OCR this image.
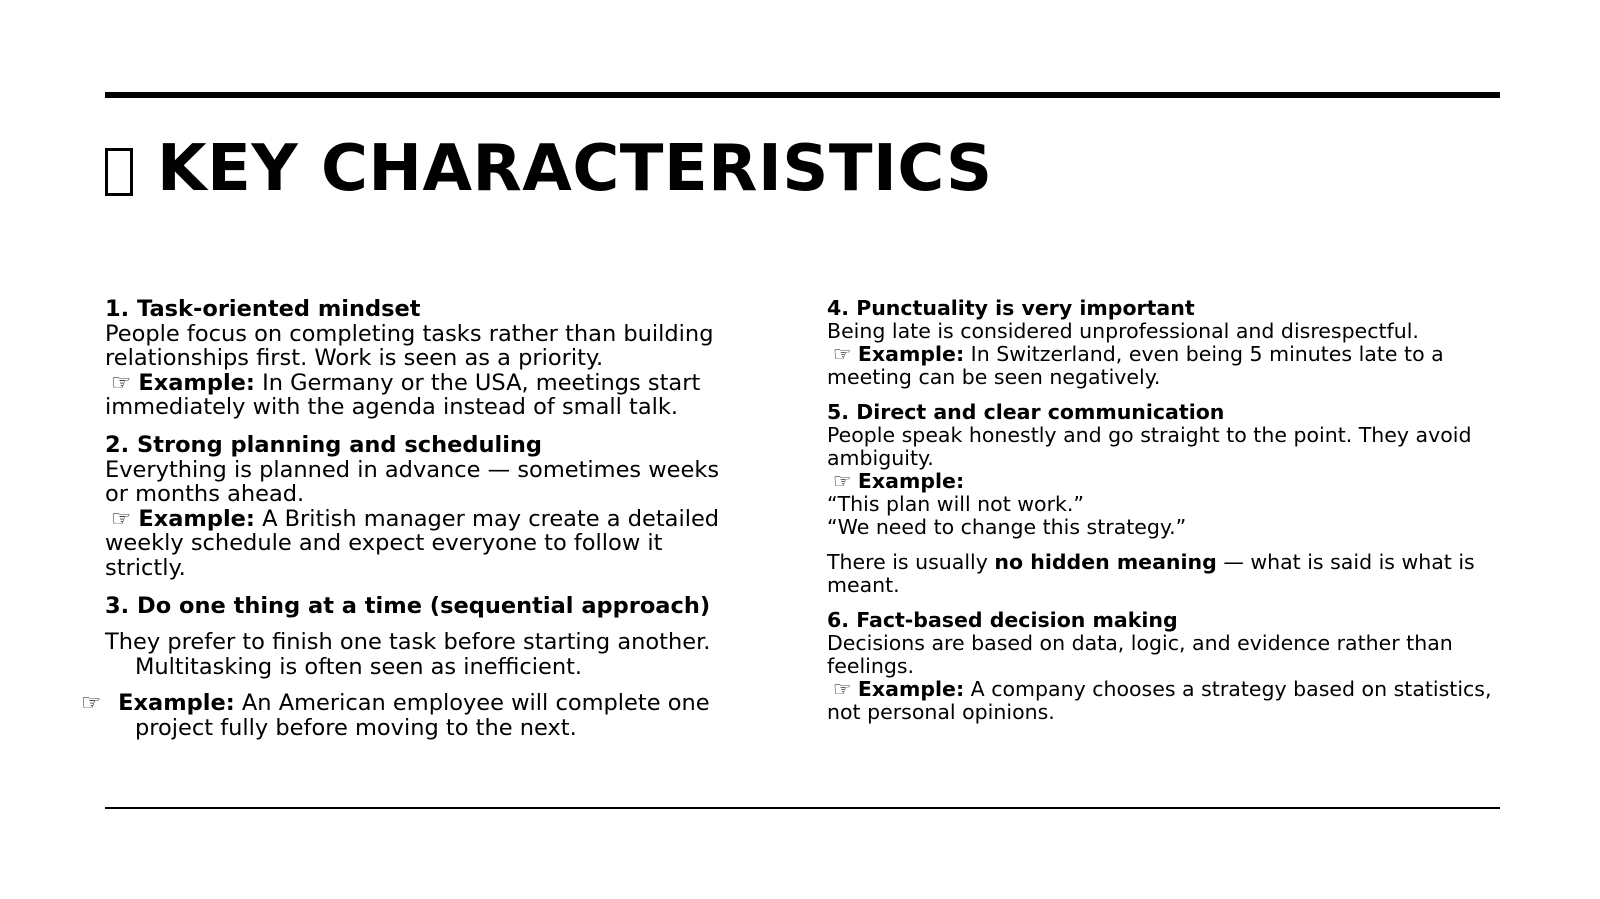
KEY CHARACTERISTICS
1. Task-oriented mindset
People focus on completing tasks rather than building relationships first. Work is seen as a priority.
☞ Example: In Germany or the USA, meetings start immediately with the agenda instead of small talk.
2. Strong planning and scheduling
Everything is planned in advance — sometimes weeks or months ahead.
☞ Example: A British manager may create a detailed weekly schedule and expect everyone to follow it strictly.
3. Do one thing at a time (sequential approach)
They prefer to finish one task before starting another. Multitasking is often seen as inefficient.
☞ Example: An American employee will complete one project fully before moving to the next.
4. Punctuality is very important
Being late is considered unprofessional and disrespectful.
☞ Example: In Switzerland, even being 5 minutes late to a meeting can be seen negatively.
5. Direct and clear communication
People speak honestly and go straight to the point. They avoid ambiguity.
☞ Example:
“This plan will not work.”
“We need to change this strategy.”
There is usually no hidden meaning — what is said is what is meant.
6. Fact-based decision making
Decisions are based on data, logic, and evidence rather than feelings.
☞ Example: A company chooses a strategy based on statistics, not personal opinions.
